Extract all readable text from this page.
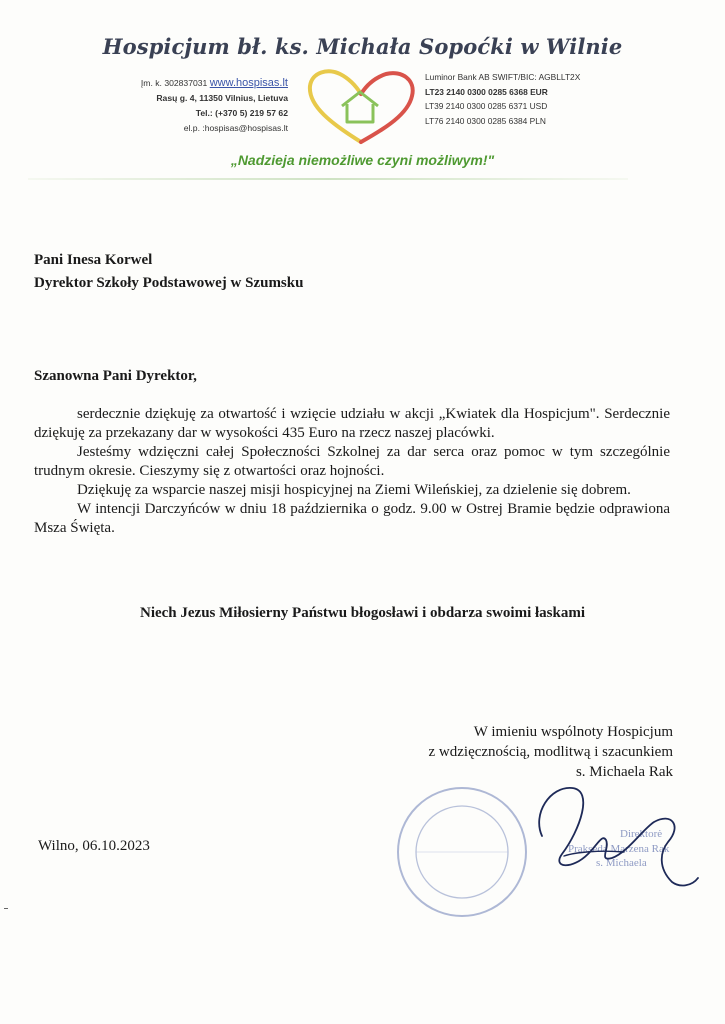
Hospicjum bł. ks. Michała Sopoćki w Wilnie
Įm. k. 302837031 www.hospisas.lt
Rasų g. 4, 11350 Vilnius, Lietuva
Tel.: (+370 5) 219 57 62
el.p. :hospisas@hospisas.lt
Luminor Bank AB SWIFT/BIC: AGBLLT2X
LT23 2140 0300 0285 6368 EUR
LT39 2140 0300 0285 6371 USD
LT76 2140 0300 0285 6384 PLN
„Nadzieja niemożliwe czyni możliwym!"
Pani Inesa Korwel
Dyrektor Szkoły Podstawowej w Szumsku
Szanowna Pani Dyrektor,

serdecznie dziękuję za otwartość i wzięcie udziału w akcji „Kwiatek dla Hospicjum". Serdecznie dziękuję za przekazany dar w wysokości 435 Euro na rzecz naszej placówki.

Jesteśmy wdzięczni całej Społeczności Szkolnej za dar serca oraz pomoc w tym szczególnie trudnym okresie. Cieszymy się z otwartości oraz hojności.

Dziękuję za wsparcie naszej misji hospicyjnej na Ziemi Wileńskiej, za dzielenie się dobrem.

W intencji Darczyńców w dniu 18 października o godz. 9.00 w Ostrej Bramie będzie odprawiona Msza Święta.

Niech Jezus Miłosierny Państwu błogosławi i obdarza swoimi łaskami
W imieniu wspólnoty Hospicjum
z wdzięcznością, modlitwą i szacunkiem
s. Michaela Rak
Wilno, 06.10.2023
Direktorė
Prakseda Marzena Rak
s. Michaela
